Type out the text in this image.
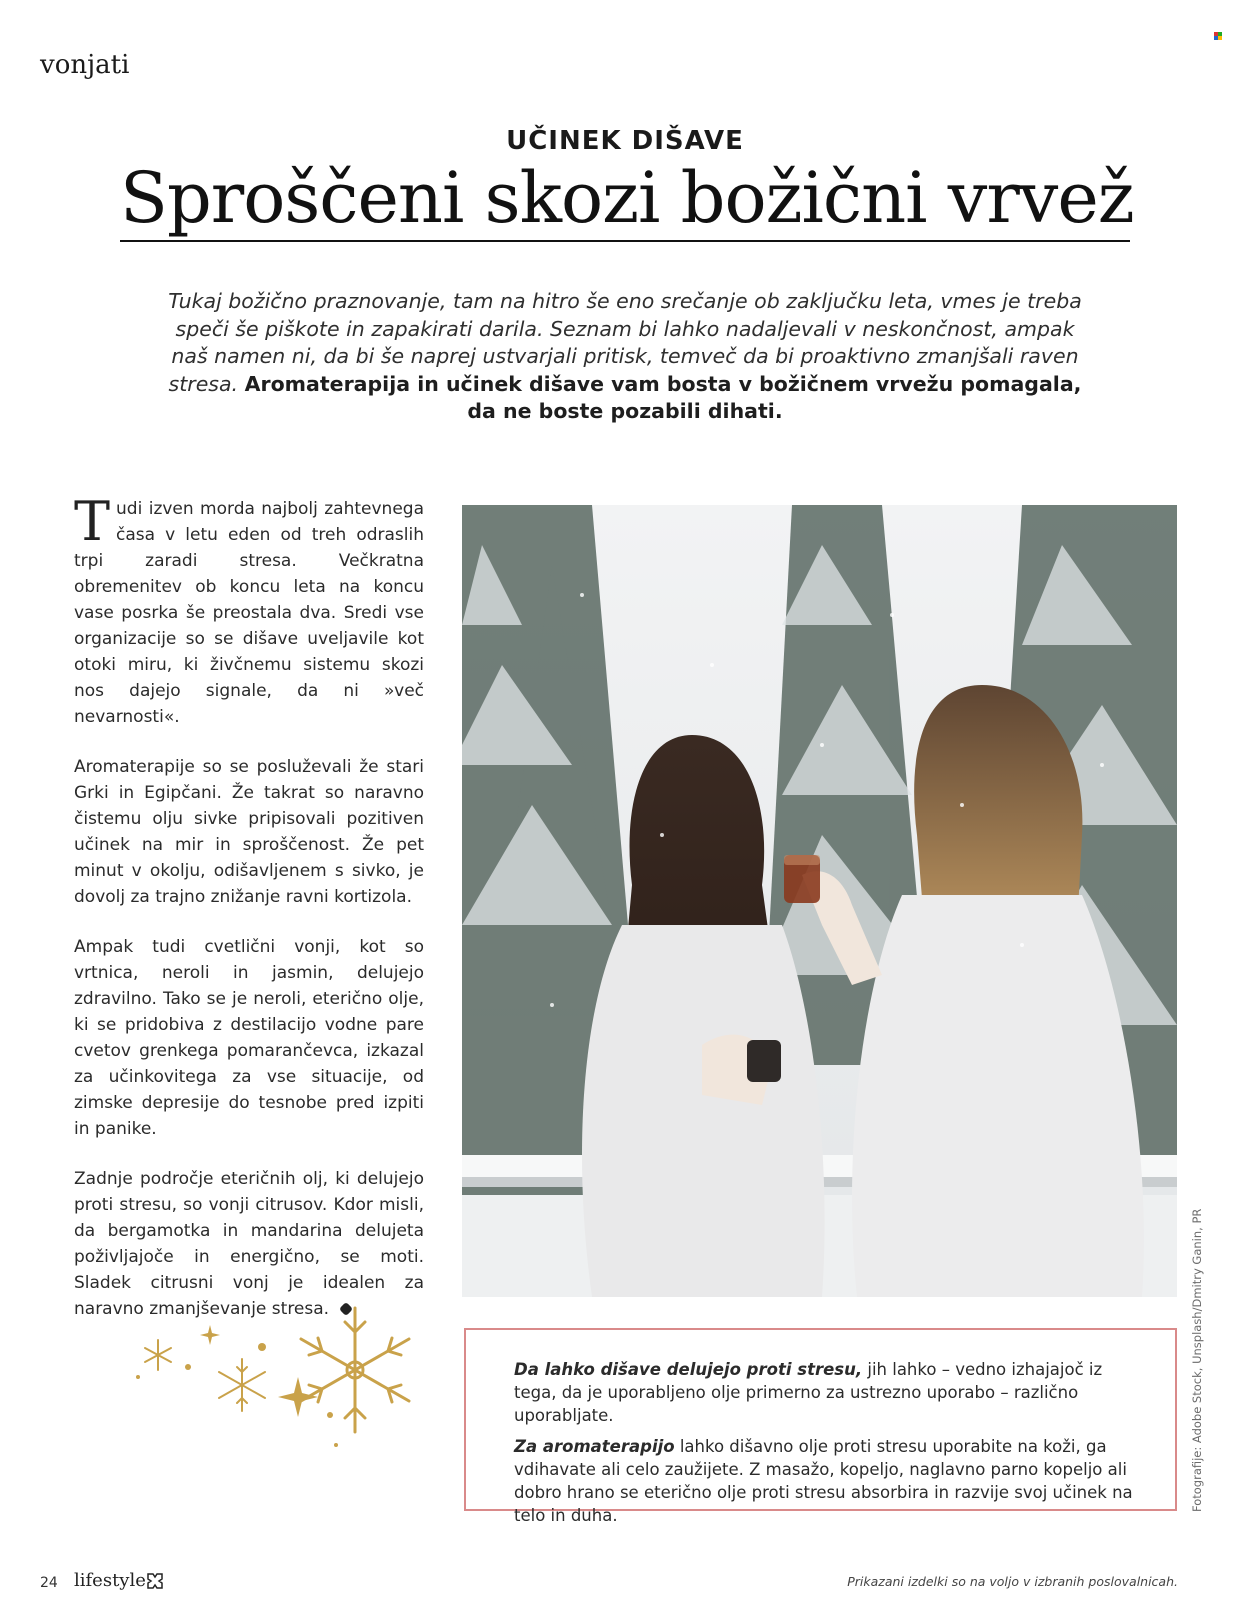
vonjati
UČINEK DIŠAVE
Sproščeni skozi božični vrvež
Tukaj božično praznovanje, tam na hitro še eno srečanje ob zaključku leta, vmes je treba speči še piškote in zapakirati darila. Seznam bi lahko nadaljevali v neskončnost, ampak naš namen ni, da bi še naprej ustvarjali pritisk, temveč da bi proaktivno zmanjšali raven stresa. Aromaterapija in učinek dišave vam bosta v božičnem vrvežu pomagala, da ne boste pozabili dihati.

Tudi izven morda najbolj zahtevnega časa v letu eden od treh odraslih trpi zaradi stresa. Večkratna obremenitev ob koncu leta na koncu vase posrka še preostala dva. Sredi vse organizacije so se dišave uveljavile kot otoki miru, ki živčnemu sistemu skozi nos dajejo signale, da ni »več nevarnosti«.

Aromaterapije so se posluževali že stari Grki in Egipčani. Že takrat so naravno čistemu olju sivke pripisovali pozitiven učinek na mir in sproščenost. Že pet minut v okolju, odišavljenem s sivko, je dovolj za trajno znižanje ravni kortizola.

Ampak tudi cvetlični vonji, kot so vrtnica, neroli in jasmin, delujejo zdravilno. Tako se je neroli, eterično olje, ki se pridobiva z destilacijo vodne pare cvetov grenkega pomarančevca, izkazal za učinkovitega za vse situacije, od zimske depresije do tesnobe pred izpiti in panike.

Zadnje področje eteričnih olj, ki delujejo proti stresu, so vonji citrusov. Kdor misli, da bergamotka in mandarina delujeta poživljajoče in energično, se moti. Sladek citrusni vonj je idealen za naravno zmanjševanje stresa.

Da lahko dišave delujejo proti stresu, jih lahko – vedno izhajajoč iz tega, da je uporabljeno olje primerno za ustrezno uporabo – različno uporabljate.

Za aromaterapijo lahko dišavno olje proti stresu uporabite na koži, ga vdihavate ali celo zaužijete. Z masažo, kopeljo, naglavno parno kopeljo ali dobro hrano se eterično olje proti stresu absorbira in razvije svoj učinek na telo in duha.

Fotografije: Adobe Stock, Unsplash/Dmitry Ganin, PR
24 lifestyle	Prikazani izdelki so na voljo v izbranih poslovalnicah.
